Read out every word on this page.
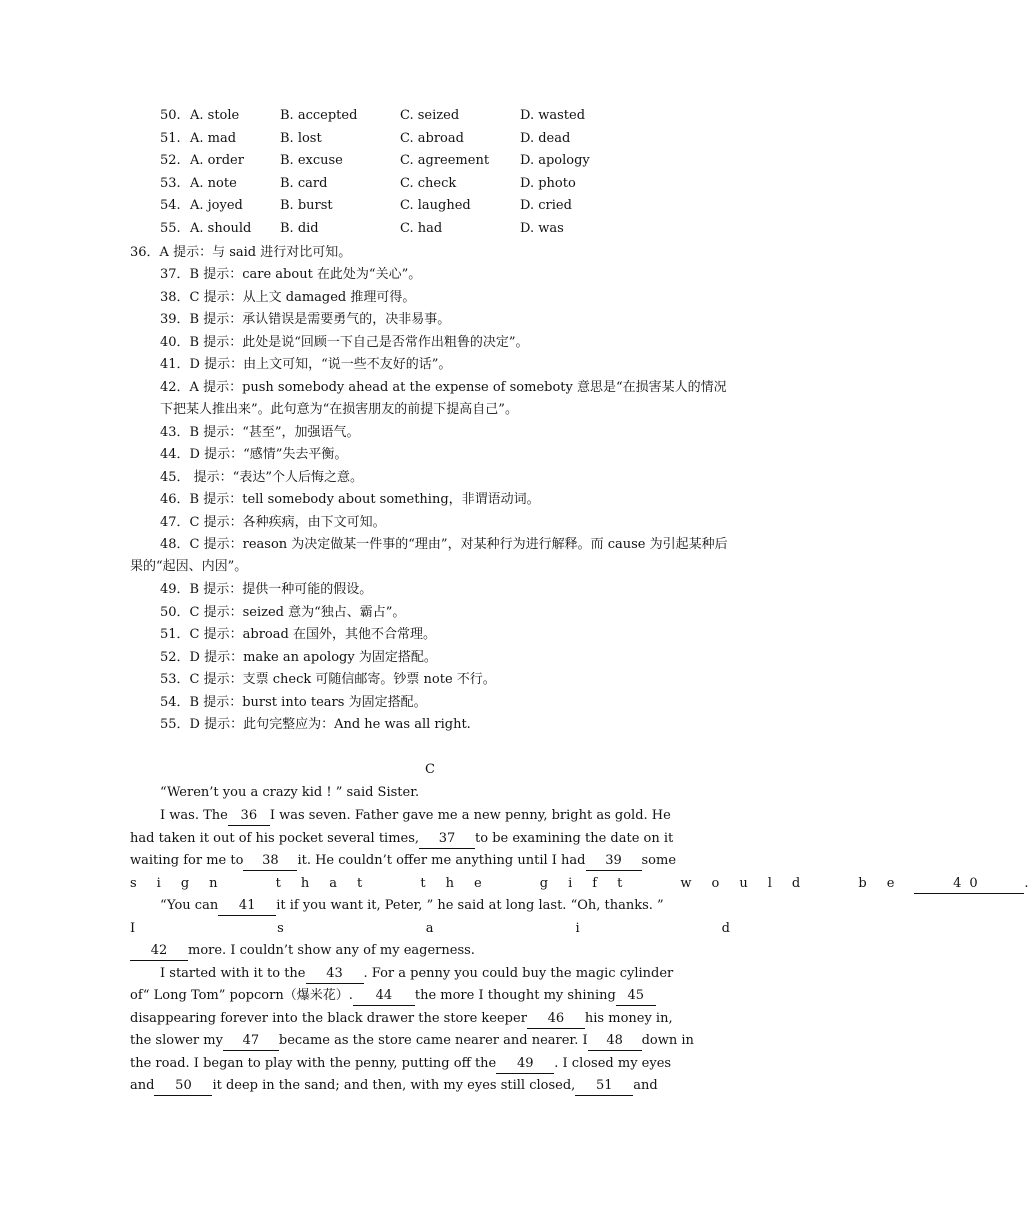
50. A. stole	B. accepted	C. seized	D. wasted
51. A. mad	B. lost	C. abroad	D. dead
52. A. order	B. excuse	C. agreement D. apology
53. A. note	B. card	C. check	D. photo
54. A. joyed	B. burst	C. laughed	D. cried
55. A. should B. did	C. had	D. was
36．A 提示：与 said 进行对比可知。
37．B 提示：care about 在此处为“关心”。
38．C 提示：从上文 damaged 推理可得。
39．B 提示：承认错误是需要勇气的，决非易事。
40．B 提示：此处是说“回顾一下自己是否常作出粗鲁的决定”。
41．D 提示：由上文可知，“说一些不友好的话”。
42．A 提示：push somebody ahead at the expense of someboty 意思是“在损害某人的情况下把某人推出来”。此句意为“在损害朋友的前提下提高自己”。
43．B 提示：“甚至”，加强语气。
44．D 提示：“感情”失去平衡。
45． 提示：“表达”个人后悔之意。
46．B 提示：tell somebody about something，非谓语动词。
47．C 提示：各种疾病，由下文可知。
48．C 提示：reason 为决定做某一件事的“理由”，对某种行为进行解释。而 cause 为引起某种后果的“起因、内因”。
49．B 提示：提供一种可能的假设。
50．C 提示：seized 意为“独占、霸占”。
51．C 提示：abroad 在国外，其他不合常理。
52．D 提示：make an apology 为固定搭配。
53．C 提示：支票 check 可随信邮寄。钞票 note 不行。
54．B 提示：burst into tears 为固定搭配。
55．D 提示：此句完整应为：And he was all right.
C
“Weren’t you a crazy kid ! ” said Sister.
I was. The 36 I was seven. Father gave me a new penny, bright as gold. He
had taken it out of his pocket several times, 37 to be examining the date on it
waiting for me to 38 it. He couldn’t offer me anything until I had 39 some
sign that the gift would be	40	.
“You can 41 it if you want it, Peter, ” he said at long last. “Oh, thanks. ”
I	s	a	i	d
42 more. I couldn’t show any of my eagerness.
I started with it to the 43 . For a penny you could buy the magic cylinder
of“ Long Tom” popcorn（爆米花）. 44 the more I thought my shining 45
disappearing forever into the black drawer the store keeper 46 his money in,
the slower my 47 became as the store came nearer and nearer. I 48 down in
the road. I began to play with the penny, putting off the 49 . I closed my eyes
and 50 it deep in the sand; and then, with my eyes still closed, 51 and
